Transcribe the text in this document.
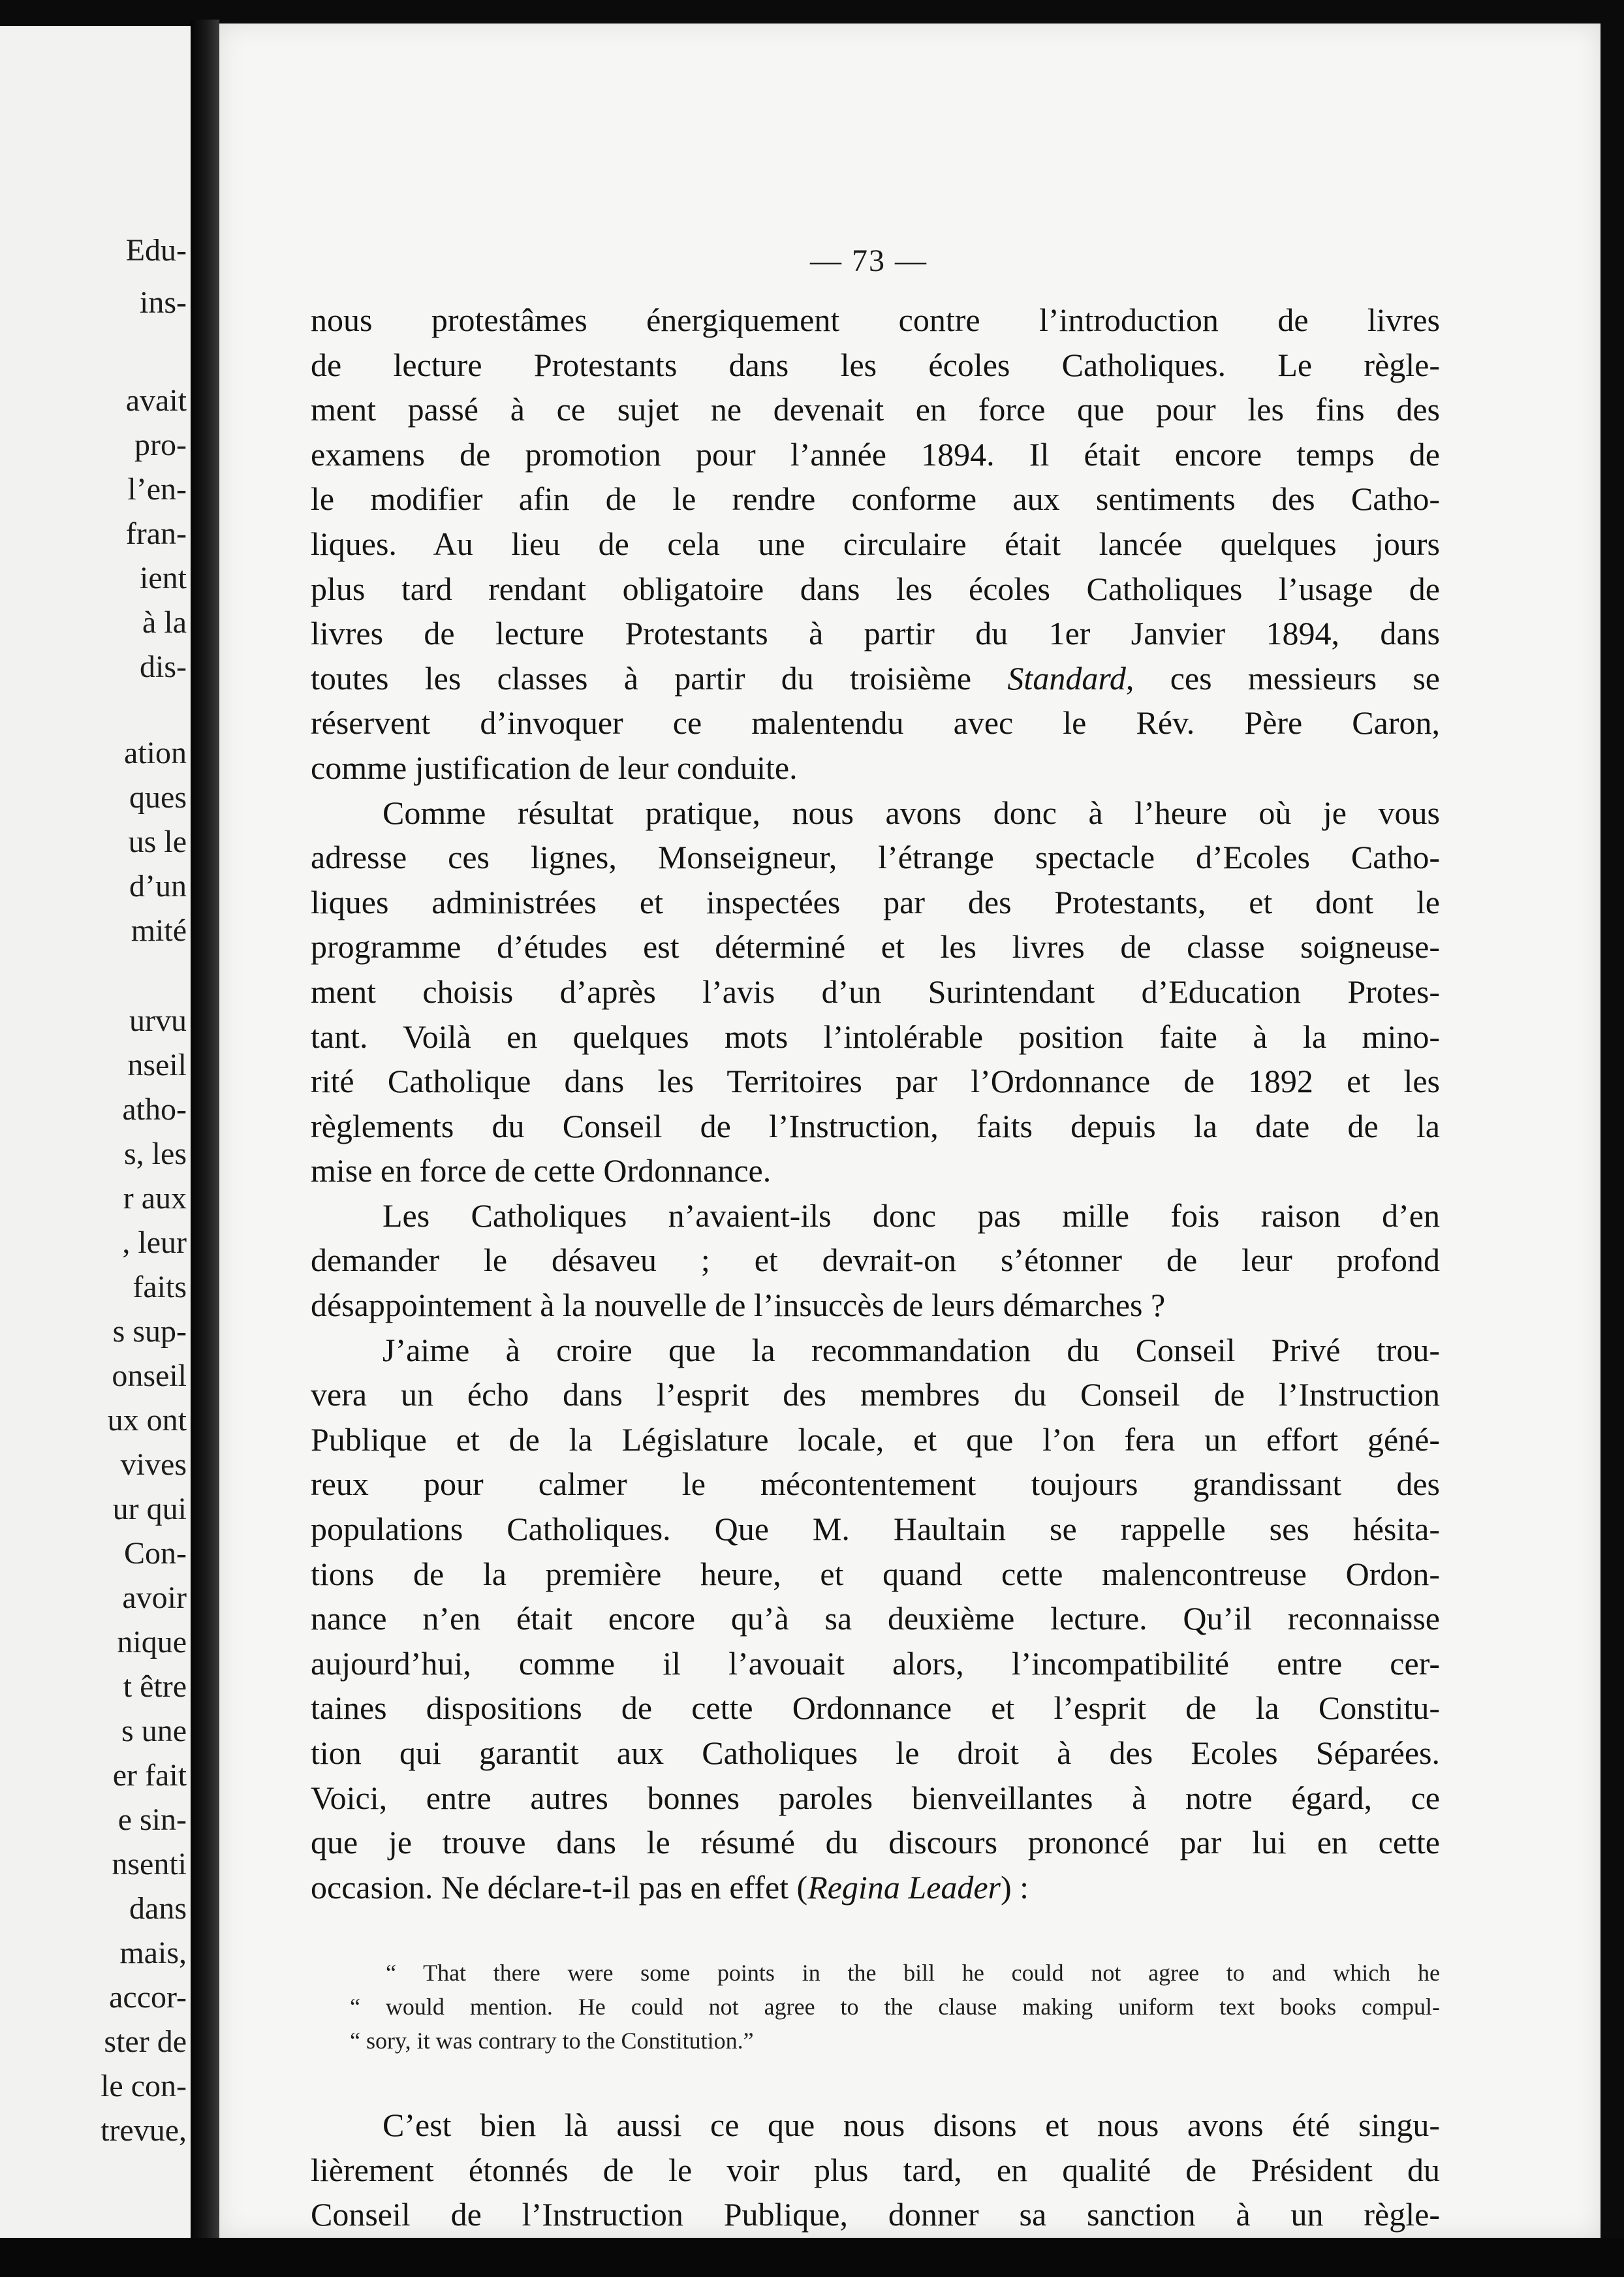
Edu-
ins-
avait
pro-
l’en-
fran-
ient
à la
dis-
ation
ques
us le
d’un
mité
urvu
nseil
atho-
s, les
r aux
, leur
faits
s sup-
onseil
ux ont
vives
ur qui
Con-
avoir
nique
t être
s une
er fait
e sin-
nsenti
dans
mais,
accor-
ster de
le con-
trevue,
— 73 —
nous protestâmes énergiquement contre l’introduction de livres
de lecture Protestants dans les écoles Catholiques. Le règle-
ment passé à ce sujet ne devenait en force que pour les fins des
examens de promotion pour l’année 1894. Il était encore temps de
le modifier afin de le rendre conforme aux sentiments des Catho-
liques. Au lieu de cela une circulaire était lancée quelques jours
plus tard rendant obligatoire dans les écoles Catholiques l’usage de
livres de lecture Protestants à partir du 1er Janvier 1894, dans
toutes les classes à partir du troisième Standard, ces messieurs se
réservent d’invoquer ce malentendu avec le Rév. Père Caron,
comme justification de leur conduite.
Comme résultat pratique, nous avons donc à l’heure où je vous
adresse ces lignes, Monseigneur, l’étrange spectacle d’Ecoles Catho-
liques administrées et inspectées par des Protestants, et dont le
programme d’études est déterminé et les livres de classe soigneuse-
ment choisis d’après l’avis d’un Surintendant d’Education Protes-
tant. Voilà en quelques mots l’intolérable position faite à la mino-
rité Catholique dans les Territoires par l’Ordonnance de 1892 et les
règlements du Conseil de l’Instruction, faits depuis la date de la
mise en force de cette Ordonnance.
Les Catholiques n’avaient-ils donc pas mille fois raison d’en
demander le désaveu ; et devrait-on s’étonner de leur profond
désappointement à la nouvelle de l’insuccès de leurs démarches ?
J’aime à croire que la recommandation du Conseil Privé trou-
vera un écho dans l’esprit des membres du Conseil de l’Instruction
Publique et de la Législature locale, et que l’on fera un effort géné-
reux pour calmer le mécontentement toujours grandissant des
populations Catholiques. Que M. Haultain se rappelle ses hésita-
tions de la première heure, et quand cette malencontreuse Ordon-
nance n’en était encore qu’à sa deuxième lecture. Qu’il reconnaisse
aujourd’hui, comme il l’avouait alors, l’incompatibilité entre cer-
taines dispositions de cette Ordonnance et l’esprit de la Constitu-
tion qui garantit aux Catholiques le droit à des Ecoles Séparées.
Voici, entre autres bonnes paroles bienveillantes à notre égard, ce
que je trouve dans le résumé du discours prononcé par lui en cette
occasion. Ne déclare-t-il pas en effet (Regina Leader) :
“ That there were some points in the bill he could not agree to and which he
“ would mention. He could not agree to the clause making uniform text books compul-
“ sory, it was contrary to the Constitution.”
C’est bien là aussi ce que nous disons et nous avons été singu-
lièrement étonnés de le voir plus tard, en qualité de Président du
Conseil de l’Instruction Publique, donner sa sanction à un règle-
